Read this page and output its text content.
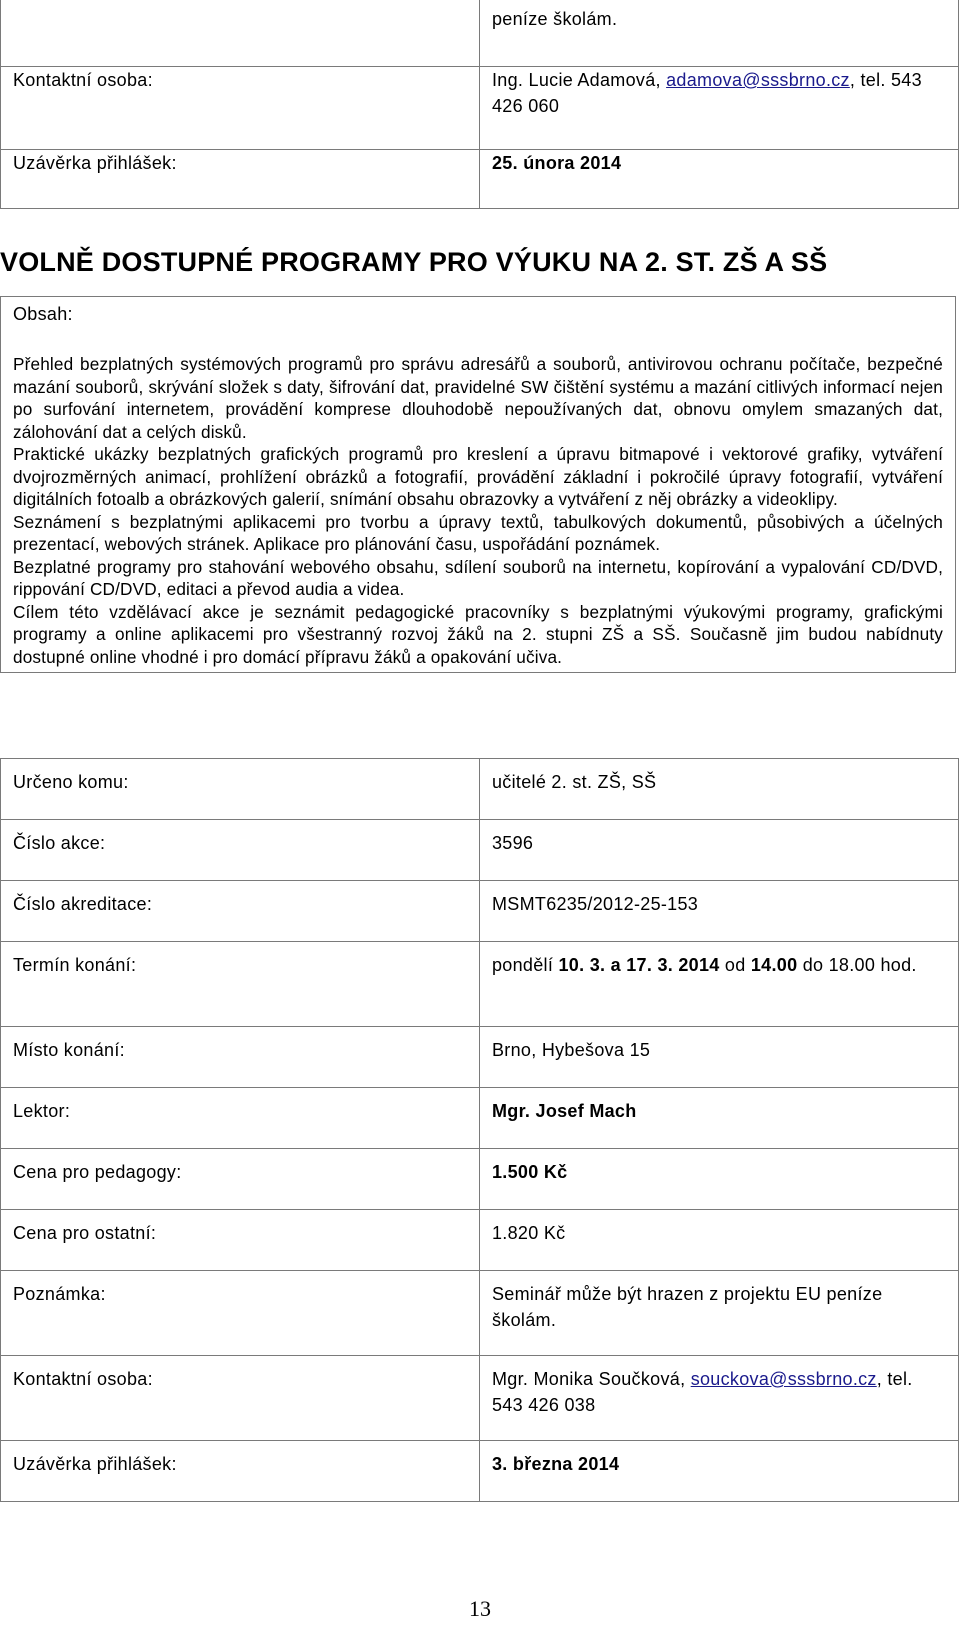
	peníze školám.
Kontaktní osoba:	Ing. Lucie Adamová, adamova@sssbrno.cz, tel. 543 426 060
Uzávěrka přihlášek:	25. února 2014
VOLNĚ DOSTUPNÉ PROGRAMY PRO VÝUKU NA 2. ST. ZŠ A SŠ

Obsah:

Přehled bezplatných systémových programů pro správu adresářů a souborů, antivirovou ochranu počítače, bezpečné mazání souborů, skrývání složek s daty, šifrování dat, pravidelné SW čištění systému a mazání citlivých informací nejen po surfování internetem, provádění komprese dlouhodobě nepoužívaných dat, obnovu omylem smazaných dat, zálohování dat a celých disků.

Praktické ukázky bezplatných grafických programů pro kreslení a úpravu bitmapové i vektorové grafiky, vytváření dvojrozměrných animací, prohlížení obrázků a fotografií, provádění základní i pokročilé úpravy fotografií, vytváření digitálních fotoalb a obrázkových galerií, snímání obsahu obrazovky a vytváření z něj obrázky a videoklipy.

Seznámení s bezplatnými aplikacemi pro tvorbu a úpravy textů, tabulkových dokumentů, působivých a účelných prezentací, webových stránek. Aplikace pro plánování času, uspořádání poznámek.

Bezplatné programy pro stahování webového obsahu, sdílení souborů na internetu, kopírování a vypalování CD/DVD, rippování CD/DVD, editaci a převod audia a videa.

Cílem této vzdělávací akce je seznámit pedagogické pracovníky s bezplatnými výukovými programy, grafickými programy a online aplikacemi pro všestranný rozvoj žáků na 2. stupni ZŠ a SŠ. Současně jim budou nabídnuty dostupné online vhodné i pro domácí přípravu žáků a opakování učiva.

Určeno komu:	učitelé 2. st. ZŠ, SŠ
Číslo akce:	3596
Číslo akreditace:	MSMT6235/2012-25-153
Termín konání:	pondělí 10. 3. a 17. 3. 2014 od 14.00 do 18.00 hod.
Místo konání:	Brno, Hybešova 15
Lektor:	Mgr. Josef Mach
Cena pro pedagogy:	1.500 Kč
Cena pro ostatní:	1.820 Kč
Poznámka:	Seminář může být hrazen z projektu EU peníze školám.
Kontaktní osoba:	Mgr. Monika Součková, souckova@sssbrno.cz, tel. 543 426 038
Uzávěrka přihlášek:	3. března 2014
13
